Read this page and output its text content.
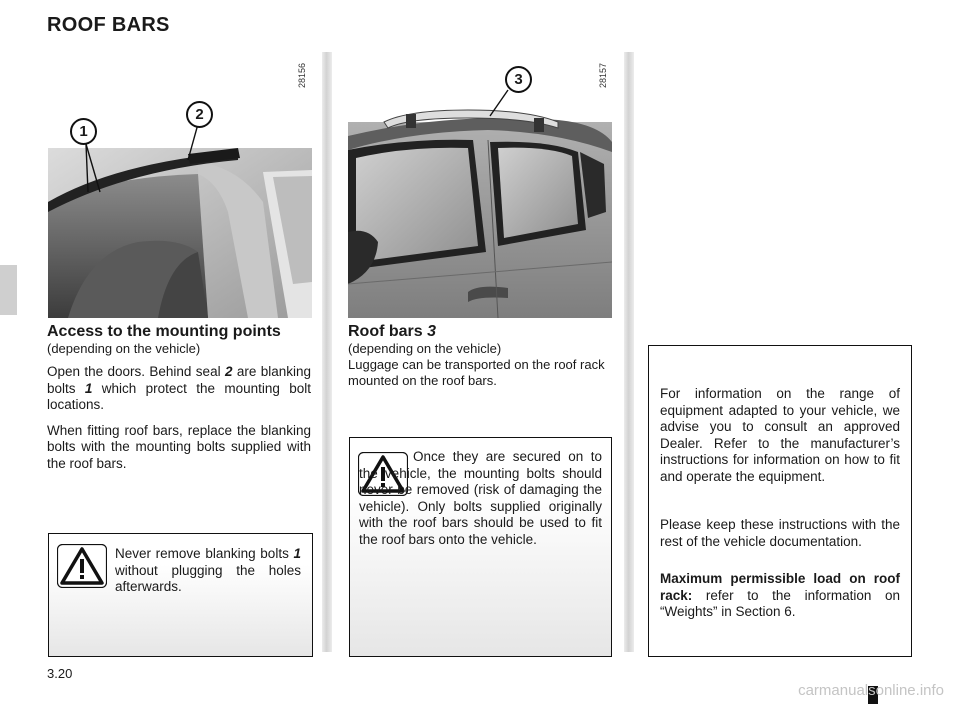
ROOF BARS
1
2
28156	3	28157
Access to the mounting points
(depending on the vehicle)
Open the doors. Behind seal 2 are blanking bolts 1 which protect the mounting bolt locations.
When fitting roof bars, replace the blanking bolts with the mounting bolts supplied with the roof bars.
Never remove blanking bolts 1 without plugging the holes afterwards.
Roof bars 3
(depending on the vehicle)
Luggage can be transported on the roof rack mounted on the roof bars.
Once they are secured on to the vehicle, the mounting bolts should never be removed (risk of damaging the vehicle). Only bolts supplied originally with the roof bars should be used to fit the roof bars onto the vehicle.
For information on the range of equipment adapted to your vehicle, we advise you to consult an approved Dealer. Refer to the manufacturer’s instructions for information on how to fit and operate the equipment.
Please keep these instructions with the rest of the vehicle documentation.
Maximum permissible load on roof rack: refer to the information on “Weights” in Section 6.
3.20
carmanualsonline.info
